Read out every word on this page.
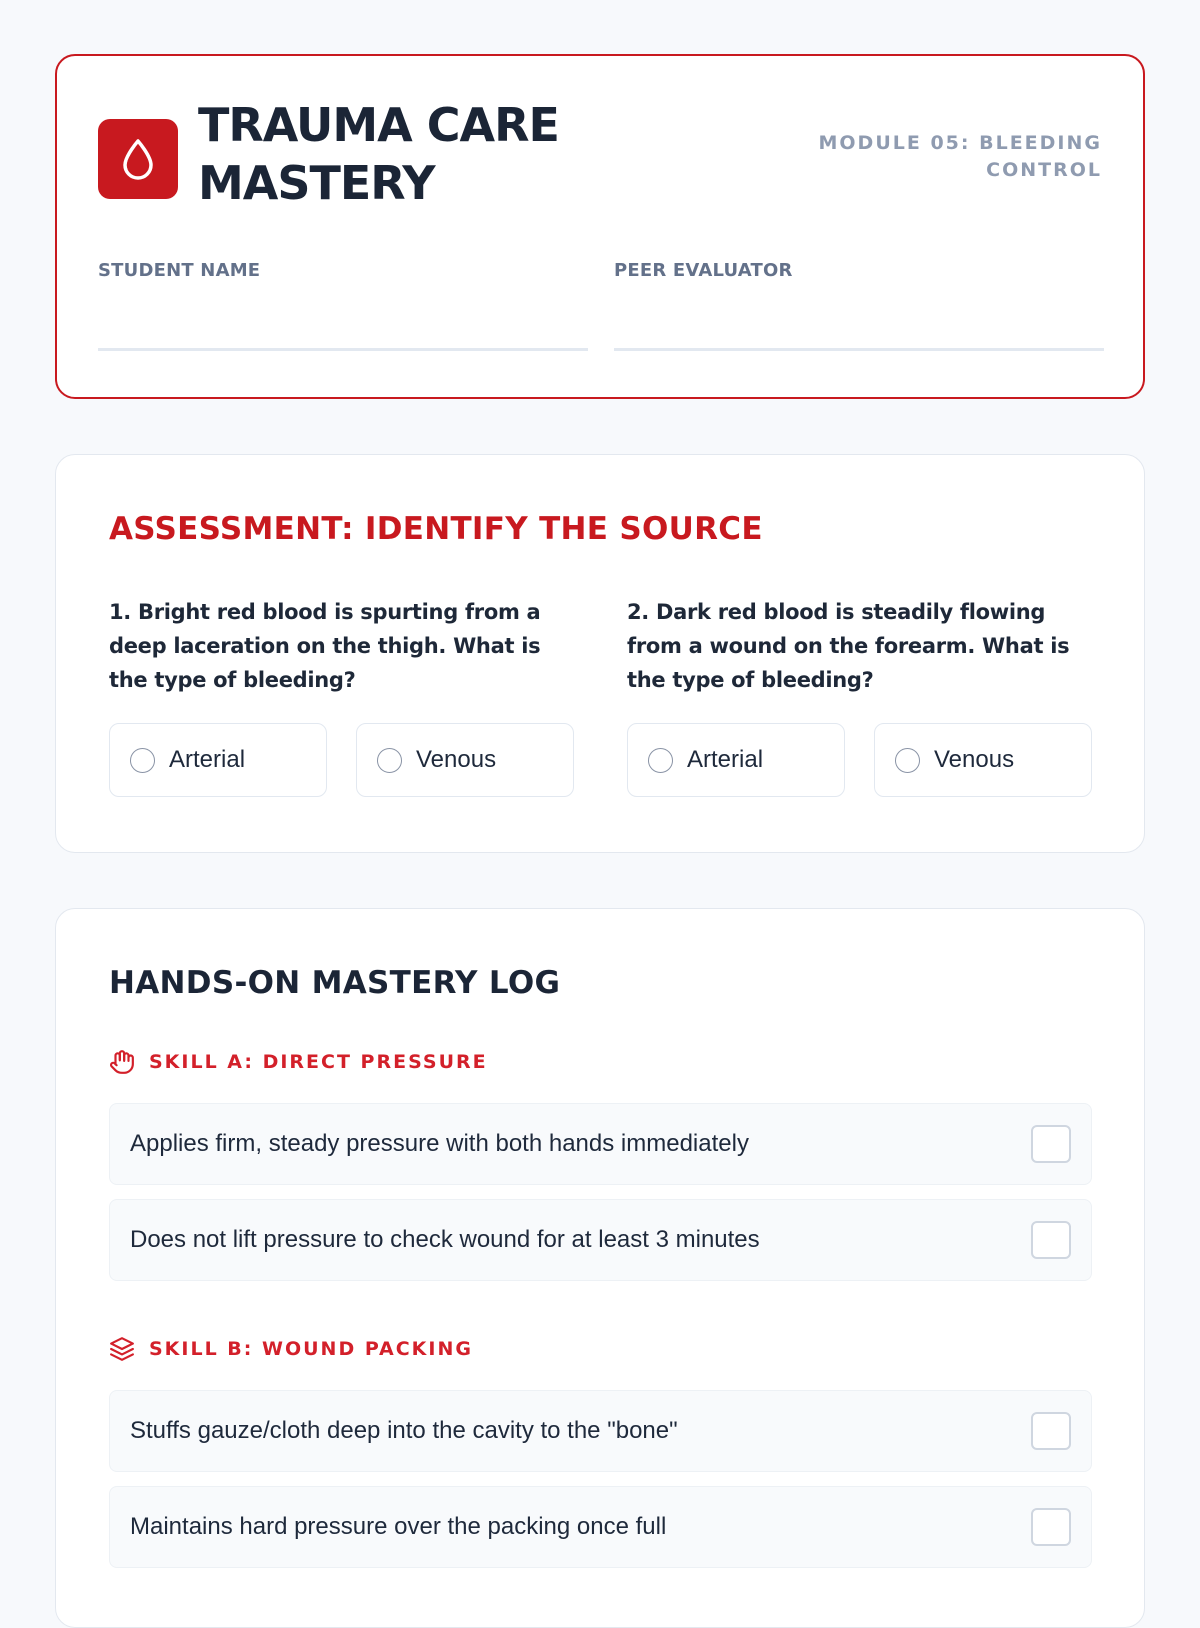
TRAUMA CARE MASTERY
MODULE 05: BLEEDING CONTROL
STUDENT NAME	PEER EVALUATOR
ASSESSMENT: IDENTIFY THE SOURCE

1. Bright red blood is spurting from a deep laceration on the thigh. What is the type of bleeding?

Arterial	Venous

2. Dark red blood is steadily flowing from a wound on the forearm. What is the type of bleeding?

Arterial	Venous
HANDS-ON MASTERY LOG
SKILL A: DIRECT PRESSURE
Applies firm, steady pressure with both hands immediately
Does not lift pressure to check wound for at least 3 minutes
SKILL B: WOUND PACKING
Stuffs gauze/cloth deep into the cavity to the "bone"
Maintains hard pressure over the packing once full
